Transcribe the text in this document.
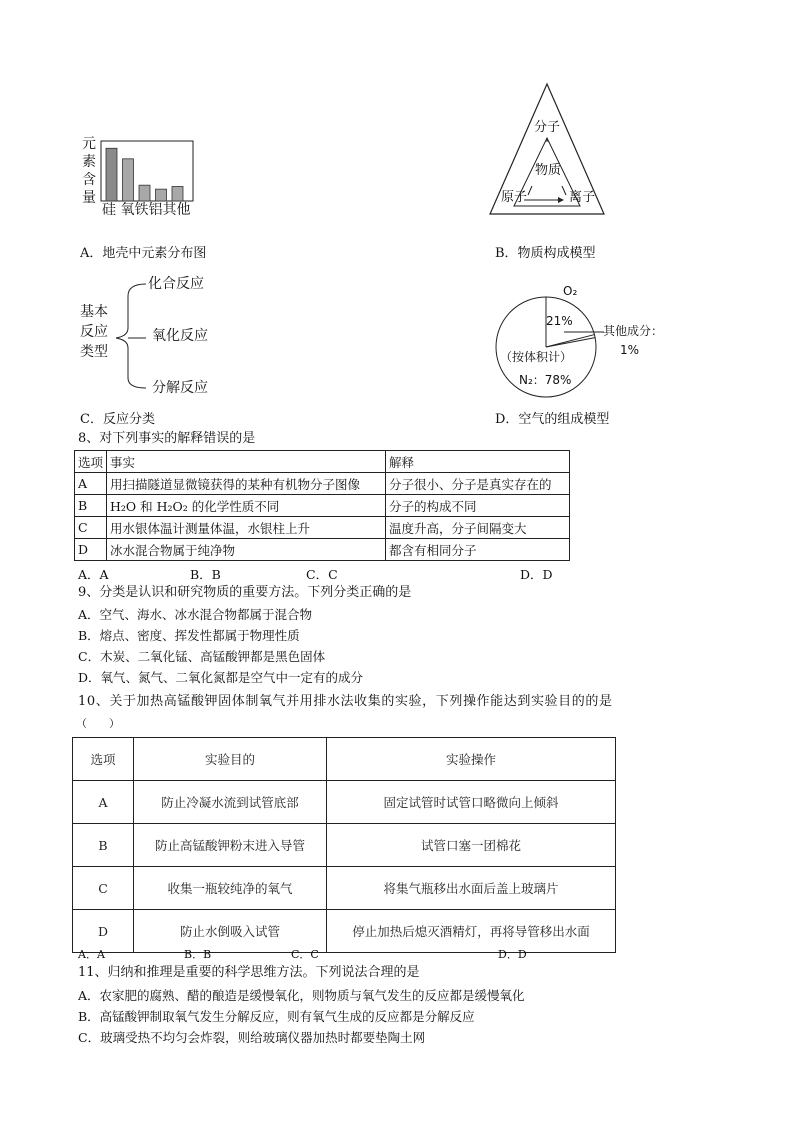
元
素
含
量
硅 氧铁铝其他
A．地壳中元素分布图
分子
物质
原子	离子
B．物质构成模型
基本
反应
类型
化合反应
氧化反应
分解反应
C．反应分类
O₂
21%
其他成分：
1%
（按体积计）
N₂：78%
D．空气的组成模型
8、对下列事实的解释错误的是
选项	事实	解释
A	用扫描隧道显微镜获得的某种有机物分子图像	分子很小、分子是真实存在的
B	H₂O 和 H₂O₂ 的化学性质不同	分子的构成不同
C	用水银体温计测量体温，水银柱上升	温度升高，分子间隔变大
D	冰水混合物属于纯净物	都含有相同分子
A．A	B．B	C．C	D．D
9、分类是认识和研究物质的重要方法。下列分类正确的是
A．空气、海水、冰水混合物都属于混合物
B．熔点、密度、挥发性都属于物理性质
C．木炭、二氧化锰、高锰酸钾都是黑色固体
D．氧气、氮气、二氧化氮都是空气中一定有的成分
10、关于加热高锰酸钾固体制氧气并用排水法收集的实验，下列操作能达到实验目的的是
（　　）
选项	实验目的	实验操作
A	防止冷凝水流到试管底部	固定试管时试管口略微向上倾斜
B	防止高锰酸钾粉末进入导管	试管口塞一团棉花
C	收集一瓶较纯净的氧气	将集气瓶移出水面后盖上玻璃片
D	防止水倒吸入试管	停止加热后熄灭酒精灯，再将导管移出水面
A．A	B．B	C．C	D．D
11、归纳和推理是重要的科学思维方法。下列说法合理的是
A．农家肥的腐熟、醋的酿造是缓慢氧化，则物质与氧气发生的反应都是缓慢氧化
B．高锰酸钾制取氧气发生分解反应，则有氧气生成的反应都是分解反应
C．玻璃受热不均匀会炸裂，则给玻璃仪器加热时都要垫陶土网
